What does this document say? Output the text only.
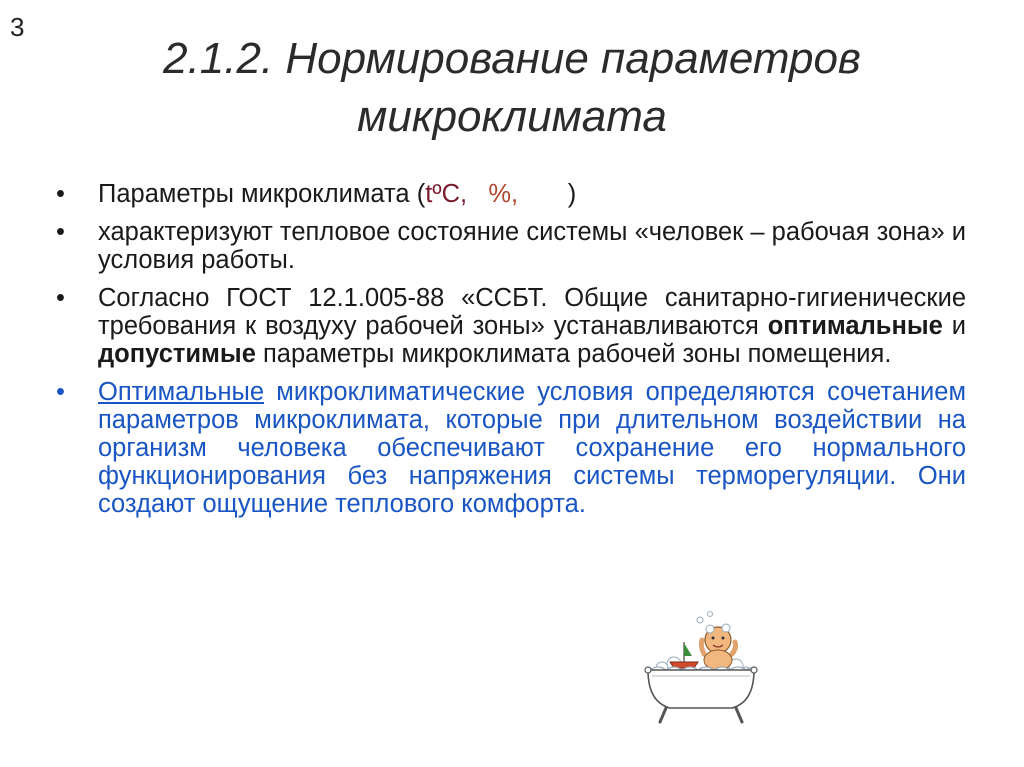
3
2.1.2. Нормирование параметров
микроклимата
• Параметры микроклимата (tºC, %, )
• характеризуют тепловое состояние системы «человек – рабочая зона» и условия работы.
• Согласно ГОСТ 12.1.005-88 «ССБТ. Общие санитарно-гигиенические требования к воздуху рабочей зоны» устанавливаются оптимальные и допустимые параметры микроклимата рабочей зоны помещения.
• Оптимальные микроклиматические условия определяются сочетанием параметров микроклимата, которые при длительном воздействии на организм человека обеспечивают сохранение его нормального функционирования без напряжения системы терморегуляции. Они создают ощущение теплового комфорта.
